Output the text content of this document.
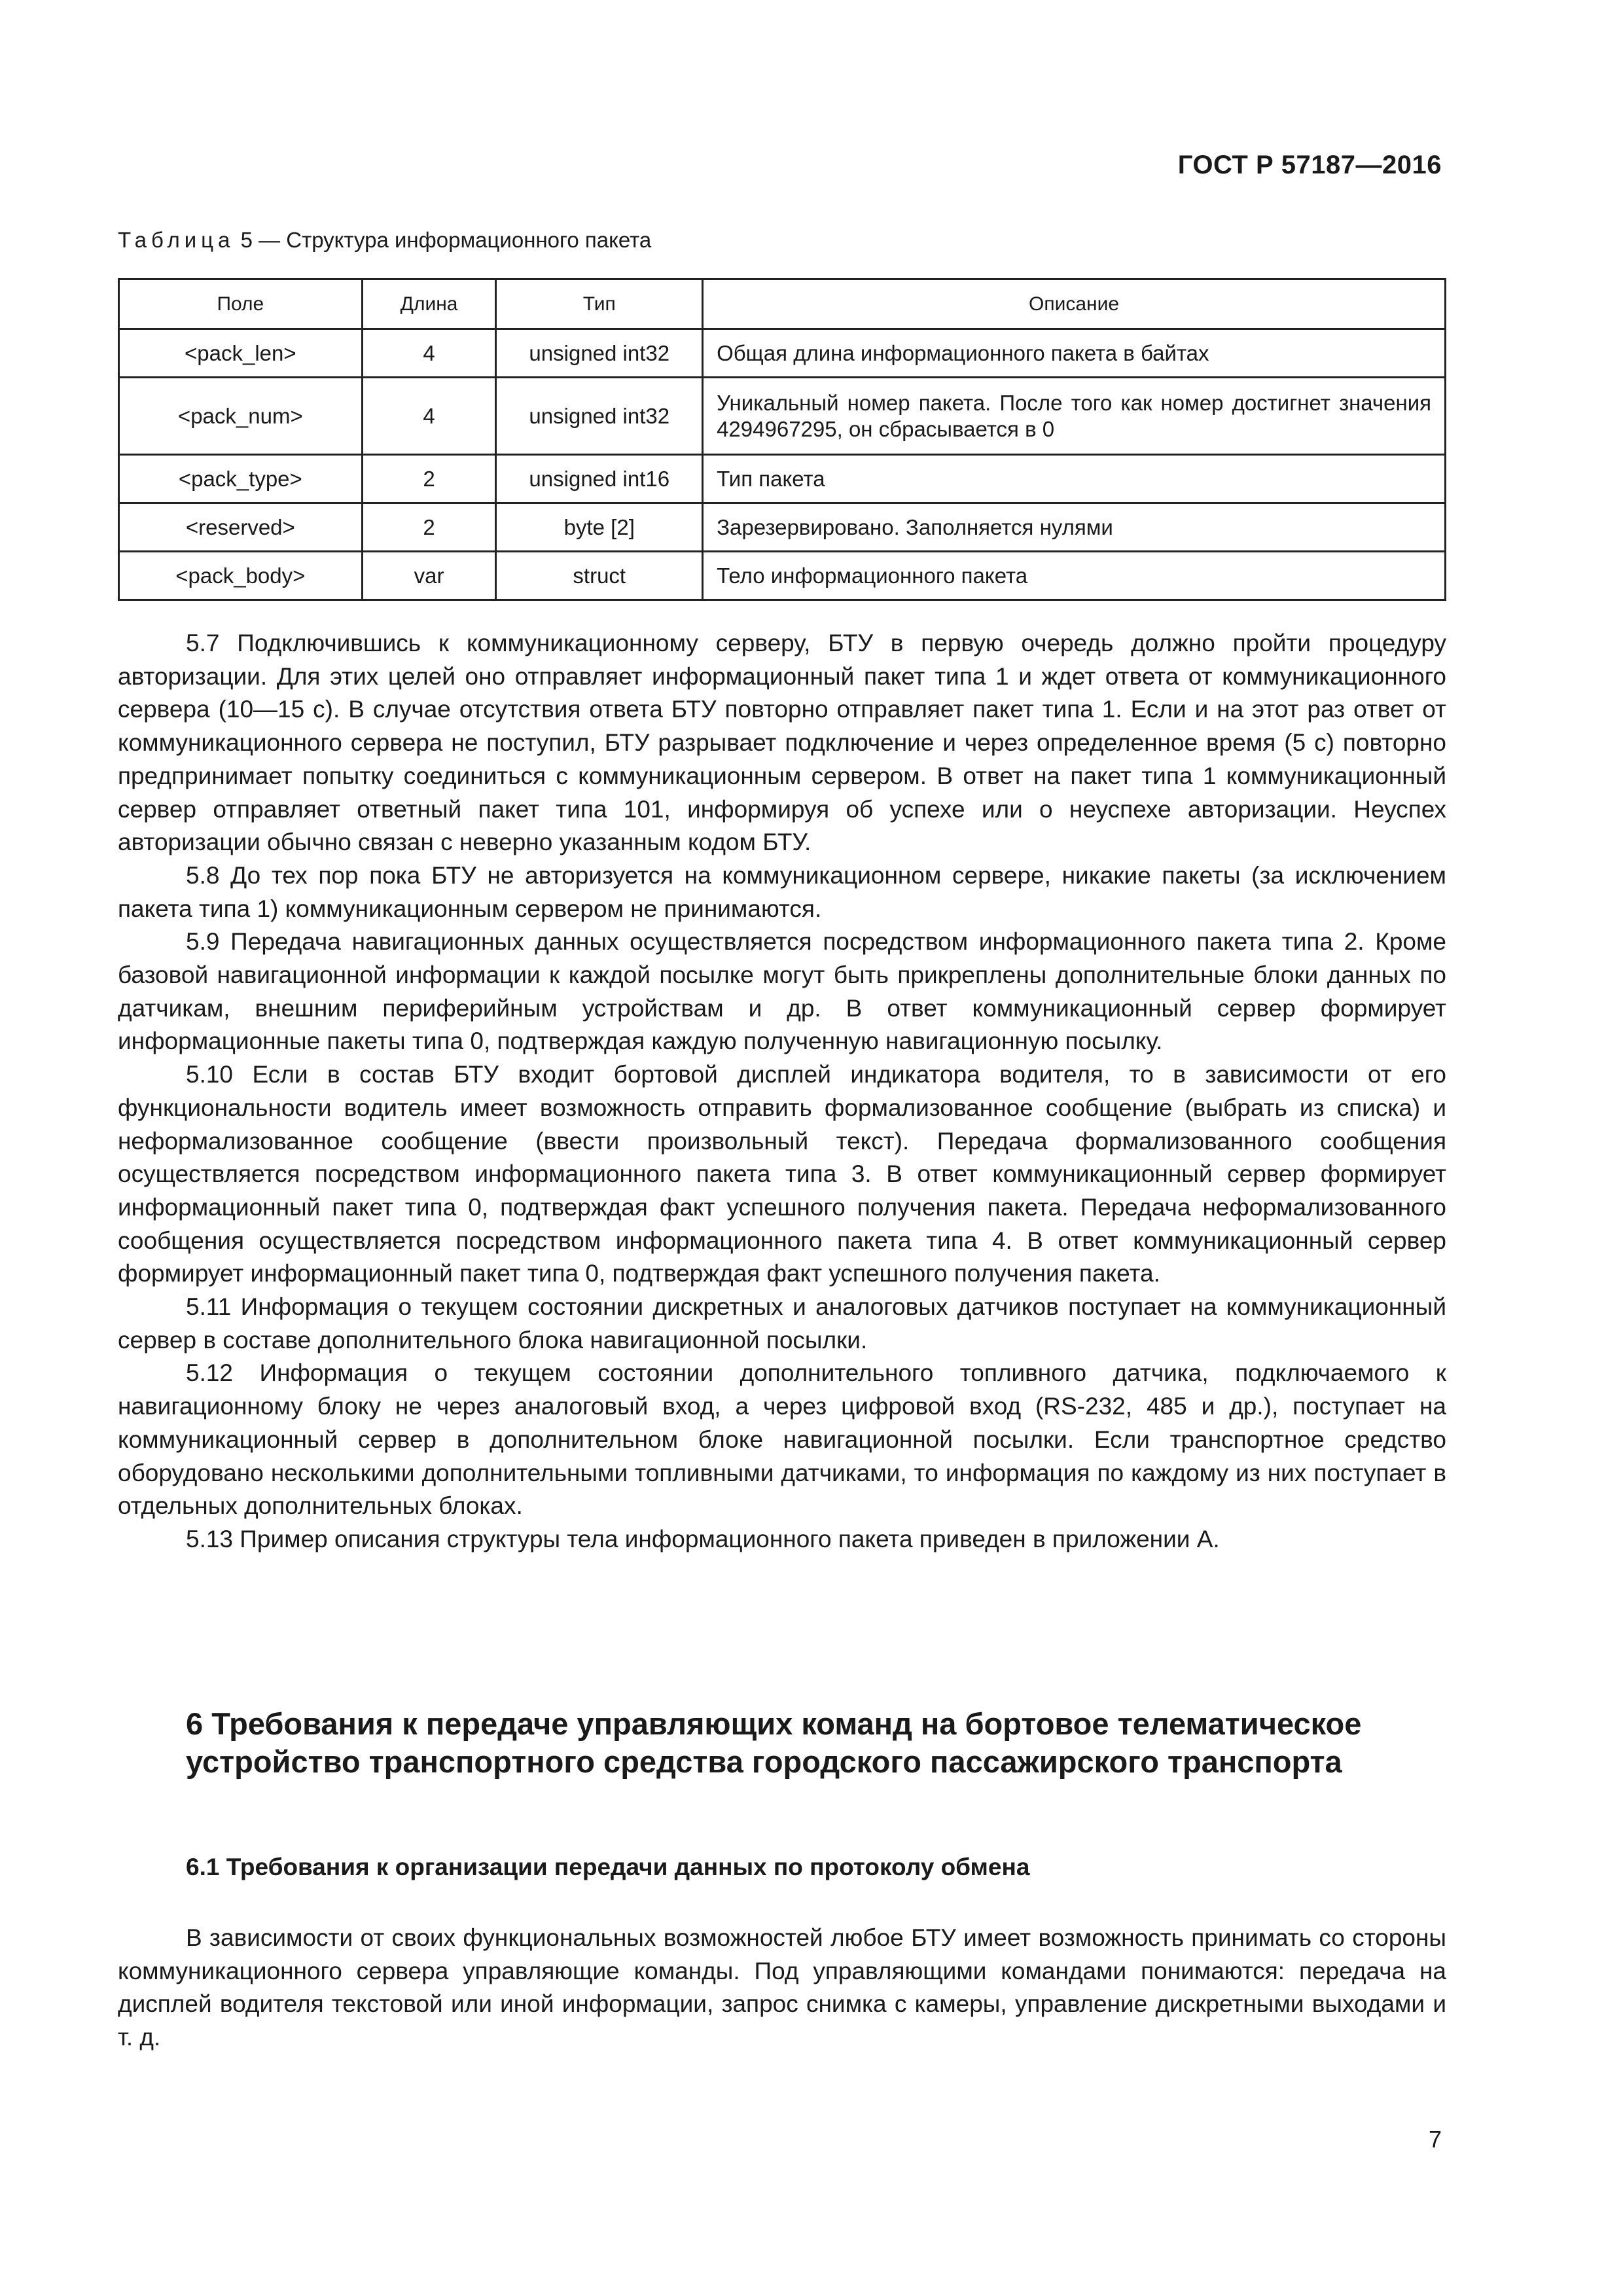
ГОСТ Р 57187—2016
Таблица 5 — Структура информационного пакета
Поле	Длина	Тип	Описание
<pack_len>	4	unsigned int32	Общая длина информационного пакета в байтах
<pack_num>	4	unsigned int32	Уникальный номер пакета. После того как номер достигнет значения 4294967295, он сбрасывается в 0
<pack_type>	2	unsigned int16	Тип пакета
<reserved>	2	byte [2]	Зарезервировано. Заполняется нулями
<pack_body>	var	struct	Тело информационного пакета

5.7 Подключившись к коммуникационному серверу, БТУ в первую очередь должно пройти процедуру авторизации. Для этих целей оно отправляет информационный пакет типа 1 и ждет ответа от коммуникационного сервера (10—15 с). В случае отсутствия ответа БТУ повторно отправляет пакет типа 1. Если и на этот раз ответ от коммуникационного сервера не поступил, БТУ разрывает подключение и через определенное время (5 с) повторно предпринимает попытку соединиться с коммуникационным сервером. В ответ на пакет типа 1 коммуникационный сервер отправляет ответный пакет типа 101, информируя об успехе или о неуспехе авторизации. Неуспех авторизации обычно связан с неверно указанным кодом БТУ.

5.8 До тех пор пока БТУ не авторизуется на коммуникационном сервере, никакие пакеты (за исключением пакета типа 1) коммуникационным сервером не принимаются.

5.9 Передача навигационных данных осуществляется посредством информационного пакета типа 2. Кроме базовой навигационной информации к каждой посылке могут быть прикреплены дополнительные блоки данных по датчикам, внешним периферийным устройствам и др. В ответ коммуникационный сервер формирует информационные пакеты типа 0, подтверждая каждую полученную навигационную посылку.

5.10 Если в состав БТУ входит бортовой дисплей индикатора водителя, то в зависимости от его функциональности водитель имеет возможность отправить формализованное сообщение (выбрать из списка) и неформализованное сообщение (ввести произвольный текст). Передача формализованного сообщения осуществляется посредством информационного пакета типа 3. В ответ коммуникационный сервер формирует информационный пакет типа 0, подтверждая факт успешного получения пакета. Передача неформализованного сообщения осуществляется посредством информационного пакета типа 4. В ответ коммуникационный сервер формирует информационный пакет типа 0, подтверждая факт успешного получения пакета.

5.11 Информация о текущем состоянии дискретных и аналоговых датчиков поступает на коммуникационный сервер в составе дополнительного блока навигационной посылки.

5.12 Информация о текущем состоянии дополнительного топливного датчика, подключаемого к навигационному блоку не через аналоговый вход, а через цифровой вход (RS-232, 485 и др.), поступает на коммуникационный сервер в дополнительном блоке навигационной посылки. Если транспортное средство оборудовано несколькими дополнительными топливными датчиками, то информация по каждому из них поступает в отдельных дополнительных блоках.

5.13 Пример описания структуры тела информационного пакета приведен в приложении А.

6 Требования к передаче управляющих команд на бортовое телематическое устройство транспортного средства городского пассажирского транспорта
6.1 Требования к организации передачи данных по протоколу обмена

В зависимости от своих функциональных возможностей любое БТУ имеет возможность принимать со стороны коммуникационного сервера управляющие команды. Под управляющими командами понимаются: передача на дисплей водителя текстовой или иной информации, запрос снимка с камеры, управление дискретными выходами и т. д.

7
